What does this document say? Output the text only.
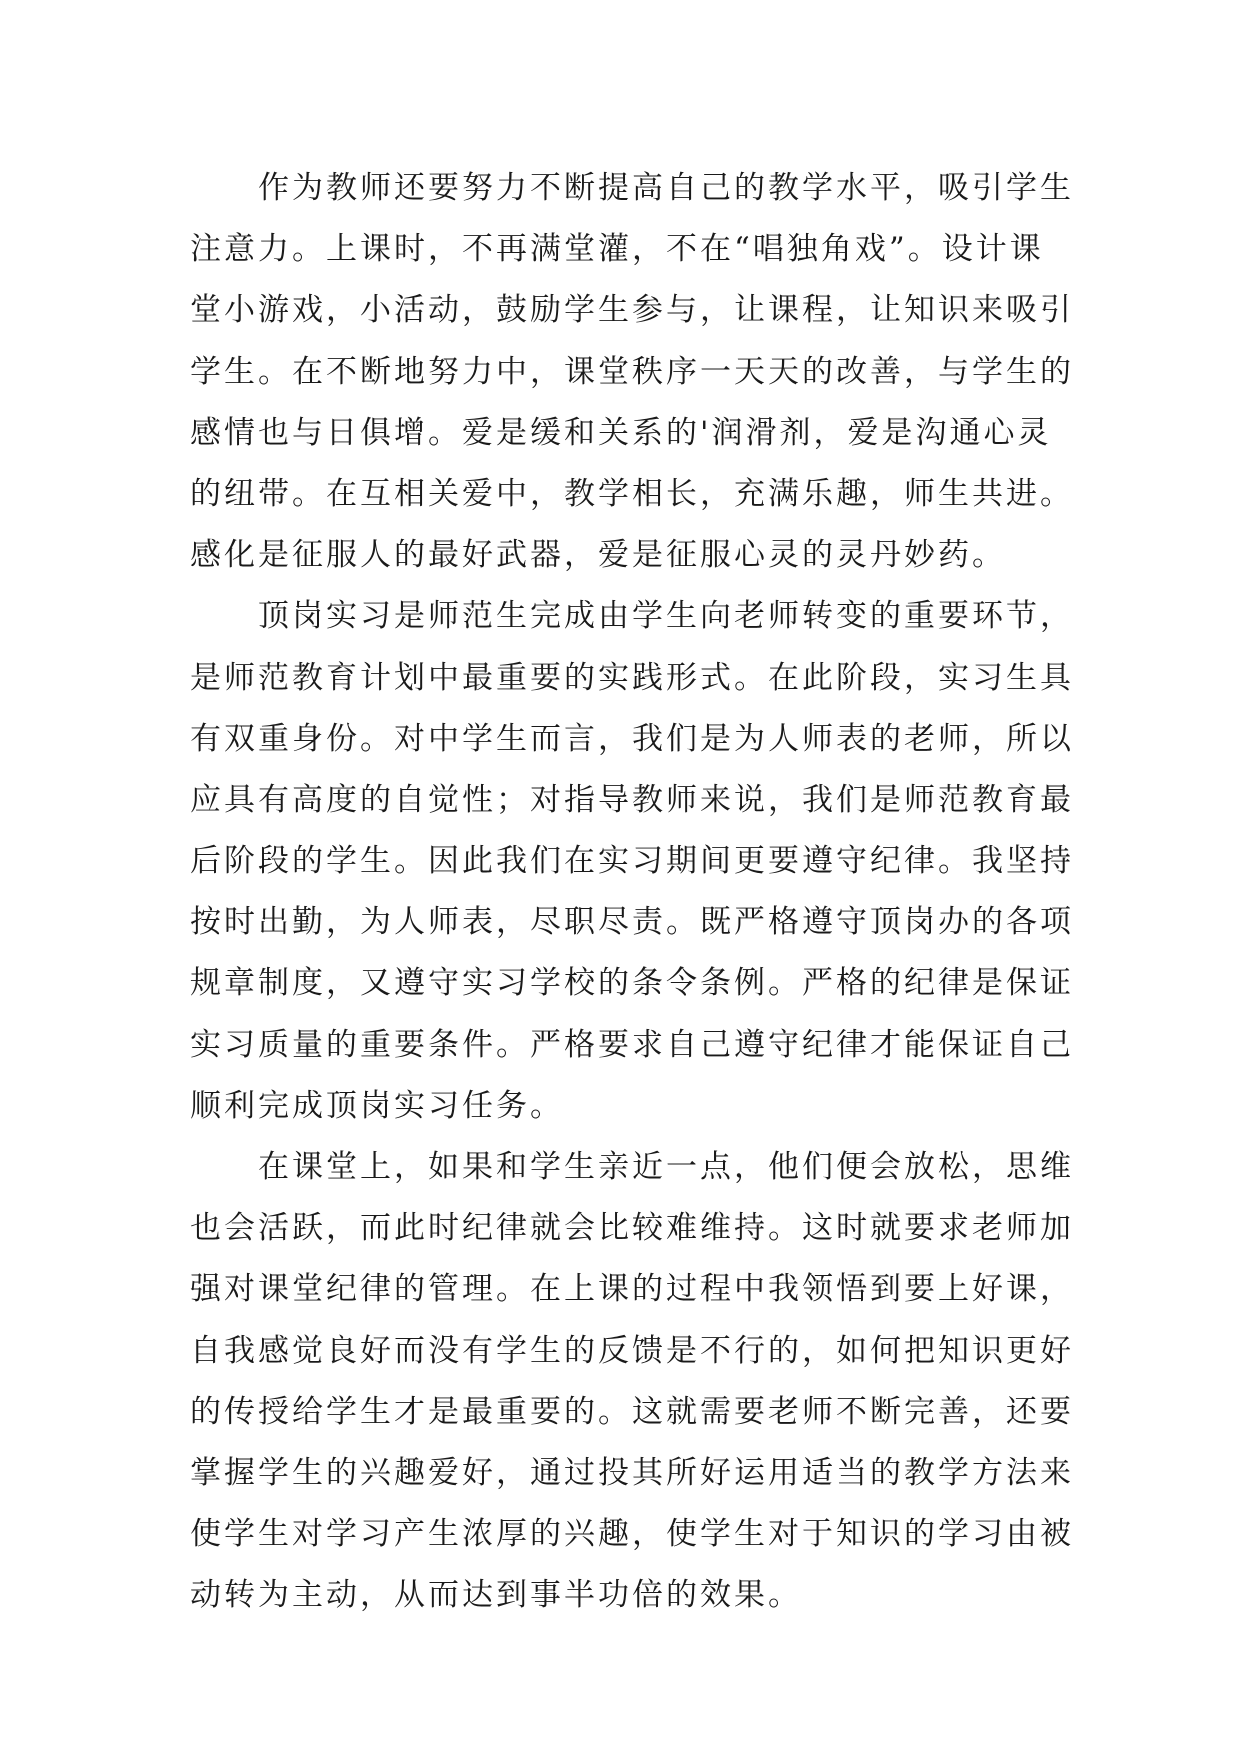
作为教师还要努力不断提高自己的教学水平，吸引学生
注意力。上课时，不再满堂灌，不在“唱独角戏”。设计课
堂小游戏，小活动，鼓励学生参与，让课程，让知识来吸引
学生。在不断地努力中，课堂秩序一天天的改善，与学生的
感情也与日俱增。爱是缓和关系的'润滑剂，爱是沟通心灵
的纽带。在互相关爱中，教学相长，充满乐趣，师生共进。
感化是征服人的最好武器，爱是征服心灵的灵丹妙药。
顶岗实习是师范生完成由学生向老师转变的重要环节，
是师范教育计划中最重要的实践形式。在此阶段，实习生具
有双重身份。对中学生而言，我们是为人师表的老师，所以
应具有高度的自觉性；对指导教师来说，我们是师范教育最
后阶段的学生。因此我们在实习期间更要遵守纪律。我坚持
按时出勤，为人师表，尽职尽责。既严格遵守顶岗办的各项
规章制度，又遵守实习学校的条令条例。严格的纪律是保证
实习质量的重要条件。严格要求自己遵守纪律才能保证自己
顺利完成顶岗实习任务。
在课堂上，如果和学生亲近一点，他们便会放松，思维
也会活跃，而此时纪律就会比较难维持。这时就要求老师加
强对课堂纪律的管理。在上课的过程中我领悟到要上好课，
自我感觉良好而没有学生的反馈是不行的，如何把知识更好
的传授给学生才是最重要的。这就需要老师不断完善，还要
掌握学生的兴趣爱好，通过投其所好运用适当的教学方法来
使学生对学习产生浓厚的兴趣，使学生对于知识的学习由被
动转为主动，从而达到事半功倍的效果。
